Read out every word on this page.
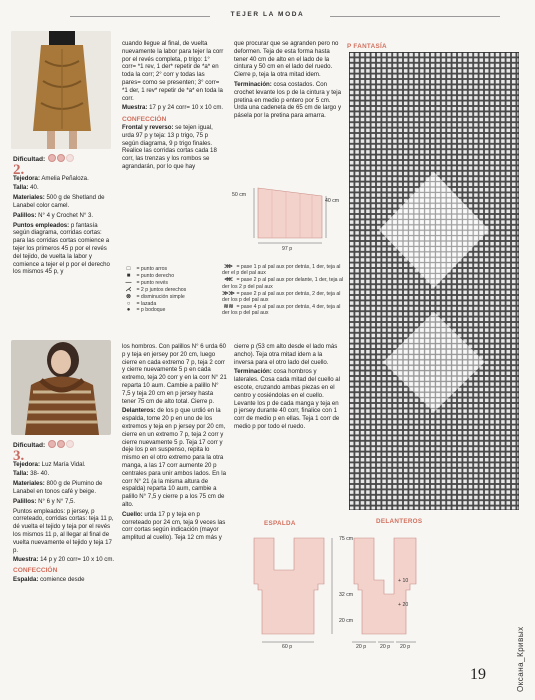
TEJER LA MODA
Dificultad:
2.

Tejedora: Amelia Peñaloza.

Talla: 40.

Materiales: 500 g de Shetland de Lanabel color camel.

Palillos: N° 4 y Crochet N° 3.

Puntos empleados: p fantasía según diagrama, corridas cortas: para las corridas cortas comience a tejer los primeros 45 p por el revés del tejido, de vuelta la labor y comience a tejer el p por el derecho los mismos 45 p, y

Dificultad:
3.

Tejedora: Luz María Vidal.

Talla: 38- 40.

Materiales: 800 g de Piumino de Lanabel en tonos café y beige.

Palillos: N° 6 y N° 7,5.

Puntos empleados: p jersey, p correteado, corridas cortas: teja 11 p, dé vuelta el tejido y teja por el revés los mismos 11 p, al llegar al final de vuelta nuevamente el tejido y teja 17 p.

Muestra: 14 p y 20 corr= 10 x 10 cm.

CONFECCIÓN

Espalda: comience desde

cuando llegue al final, de vuelta nuevamente la labor para tejer la corr por el revés completa, p trigo: 1° corr= *1 rev, 1 der* repetir de *a* en toda la corr; 2° corr y todas las pares= como se presenten; 3° corr= *1 der, 1 rev* repetir de *a* en toda la corr.

Muestra: 17 p y 24 corr= 10 x 10 cm.

CONFECCIÓN

Frontal y reverso: se tejen igual, urda 97 p y teja: 13 p trigo, 75 p según diagrama, 9 p trigo finales. Realice las corridas cortas cada 18 corr, las trenzas y los rombos se agrandarán, por lo que hay

que procurar que se agranden pero no deformen. Teja de esta forma hasta tener 40 cm de alto en el lado de la cintura y 50 cm en el lado del ruedo. Cierre p, teja la otra mitad idem.

Terminación: cosa costados. Con crochet levante los p de la cintura y teja pretina en medio p entero por 5 cm. Urda una cadeneta de 65 cm de largo y pásela por la pretina para amarra.

50 cm
40 cm
97 p
□ = punto arros
■ = punto derecho
— = punto revés
⋌ = 2 p juntos derechos
⊗ = disminución simple
○ = lazada
● = p bodoque
⋙ = pase 1 p al pal aux por detrás, 1 der, teja al der el p del pal aux
⋘ = pase 2 p al pal aux por delante, 1 der, teja al der los 2 p del pal aux
≫≫ = pase 2 p al pal aux por detrás, 2 der, teja al der los p del pal aux
≋≋ = pase 4 p al pal aux por detrás, 4 der, teja al der los p del pal aux

los hombros. Con palillos N° 6 urda 60 p y teja en jersey por 20 cm, luego cierre en cada extremo 7 p, teja 2 corr y cierre nuevamente 5 p en cada extremo, teja 20 corr y en la corr N° 21 reparta 10 aum. Cambie a palillo N° 7,5 y teja 20 cm en p jersey hasta tener 75 cm de alto total. Cierre p.

Delanteros: de los p que urdió en la espalda, tome 20 p en uno de los extremos y teja en p jersey por 20 cm, cierre en un extremo 7 p, teja 2 corr y cierre nuevamente 5 p. Teja 17 corr y deje los p en suspenso, repita lo mismo en el otro extremo para la otra manga, a las 17 corr aumente 20 p centrales para unir ambos lados. En la corr N° 21 (a la misma altura de espalda) reparta 10 aum, cambie a palillo N° 7,5 y cierre p a los 75 cm de alto.

Cuello: urda 17 p y teja en p correteado por 24 cm, teja 9 veces las corr cortas según indicación (mayor amplitud al cuello). Teja 12 cm más y

cierre p (53 cm alto desde el lado más ancho). Teja otra mitad idem a la inversa para el otro lado del cuello.

Terminación: cosa hombros y laterales. Cosa cada mitad del cuello al escote, cruzando ambas piezas en el centro y cosiéndolas en el cuello. Levante los p de cada manga y teja en p jersey durante 40 corr, finalice con 1 corr de medio p en ellas. Teja 1 corr de medio p por todo el ruedo.

P FANTASÍA
ESPALDA	DELANTEROS
75 cm
32 cm
20 cm
+ 10
+ 20
60 p	20 p	20 p 20 p
19	Оксана_Кривых
